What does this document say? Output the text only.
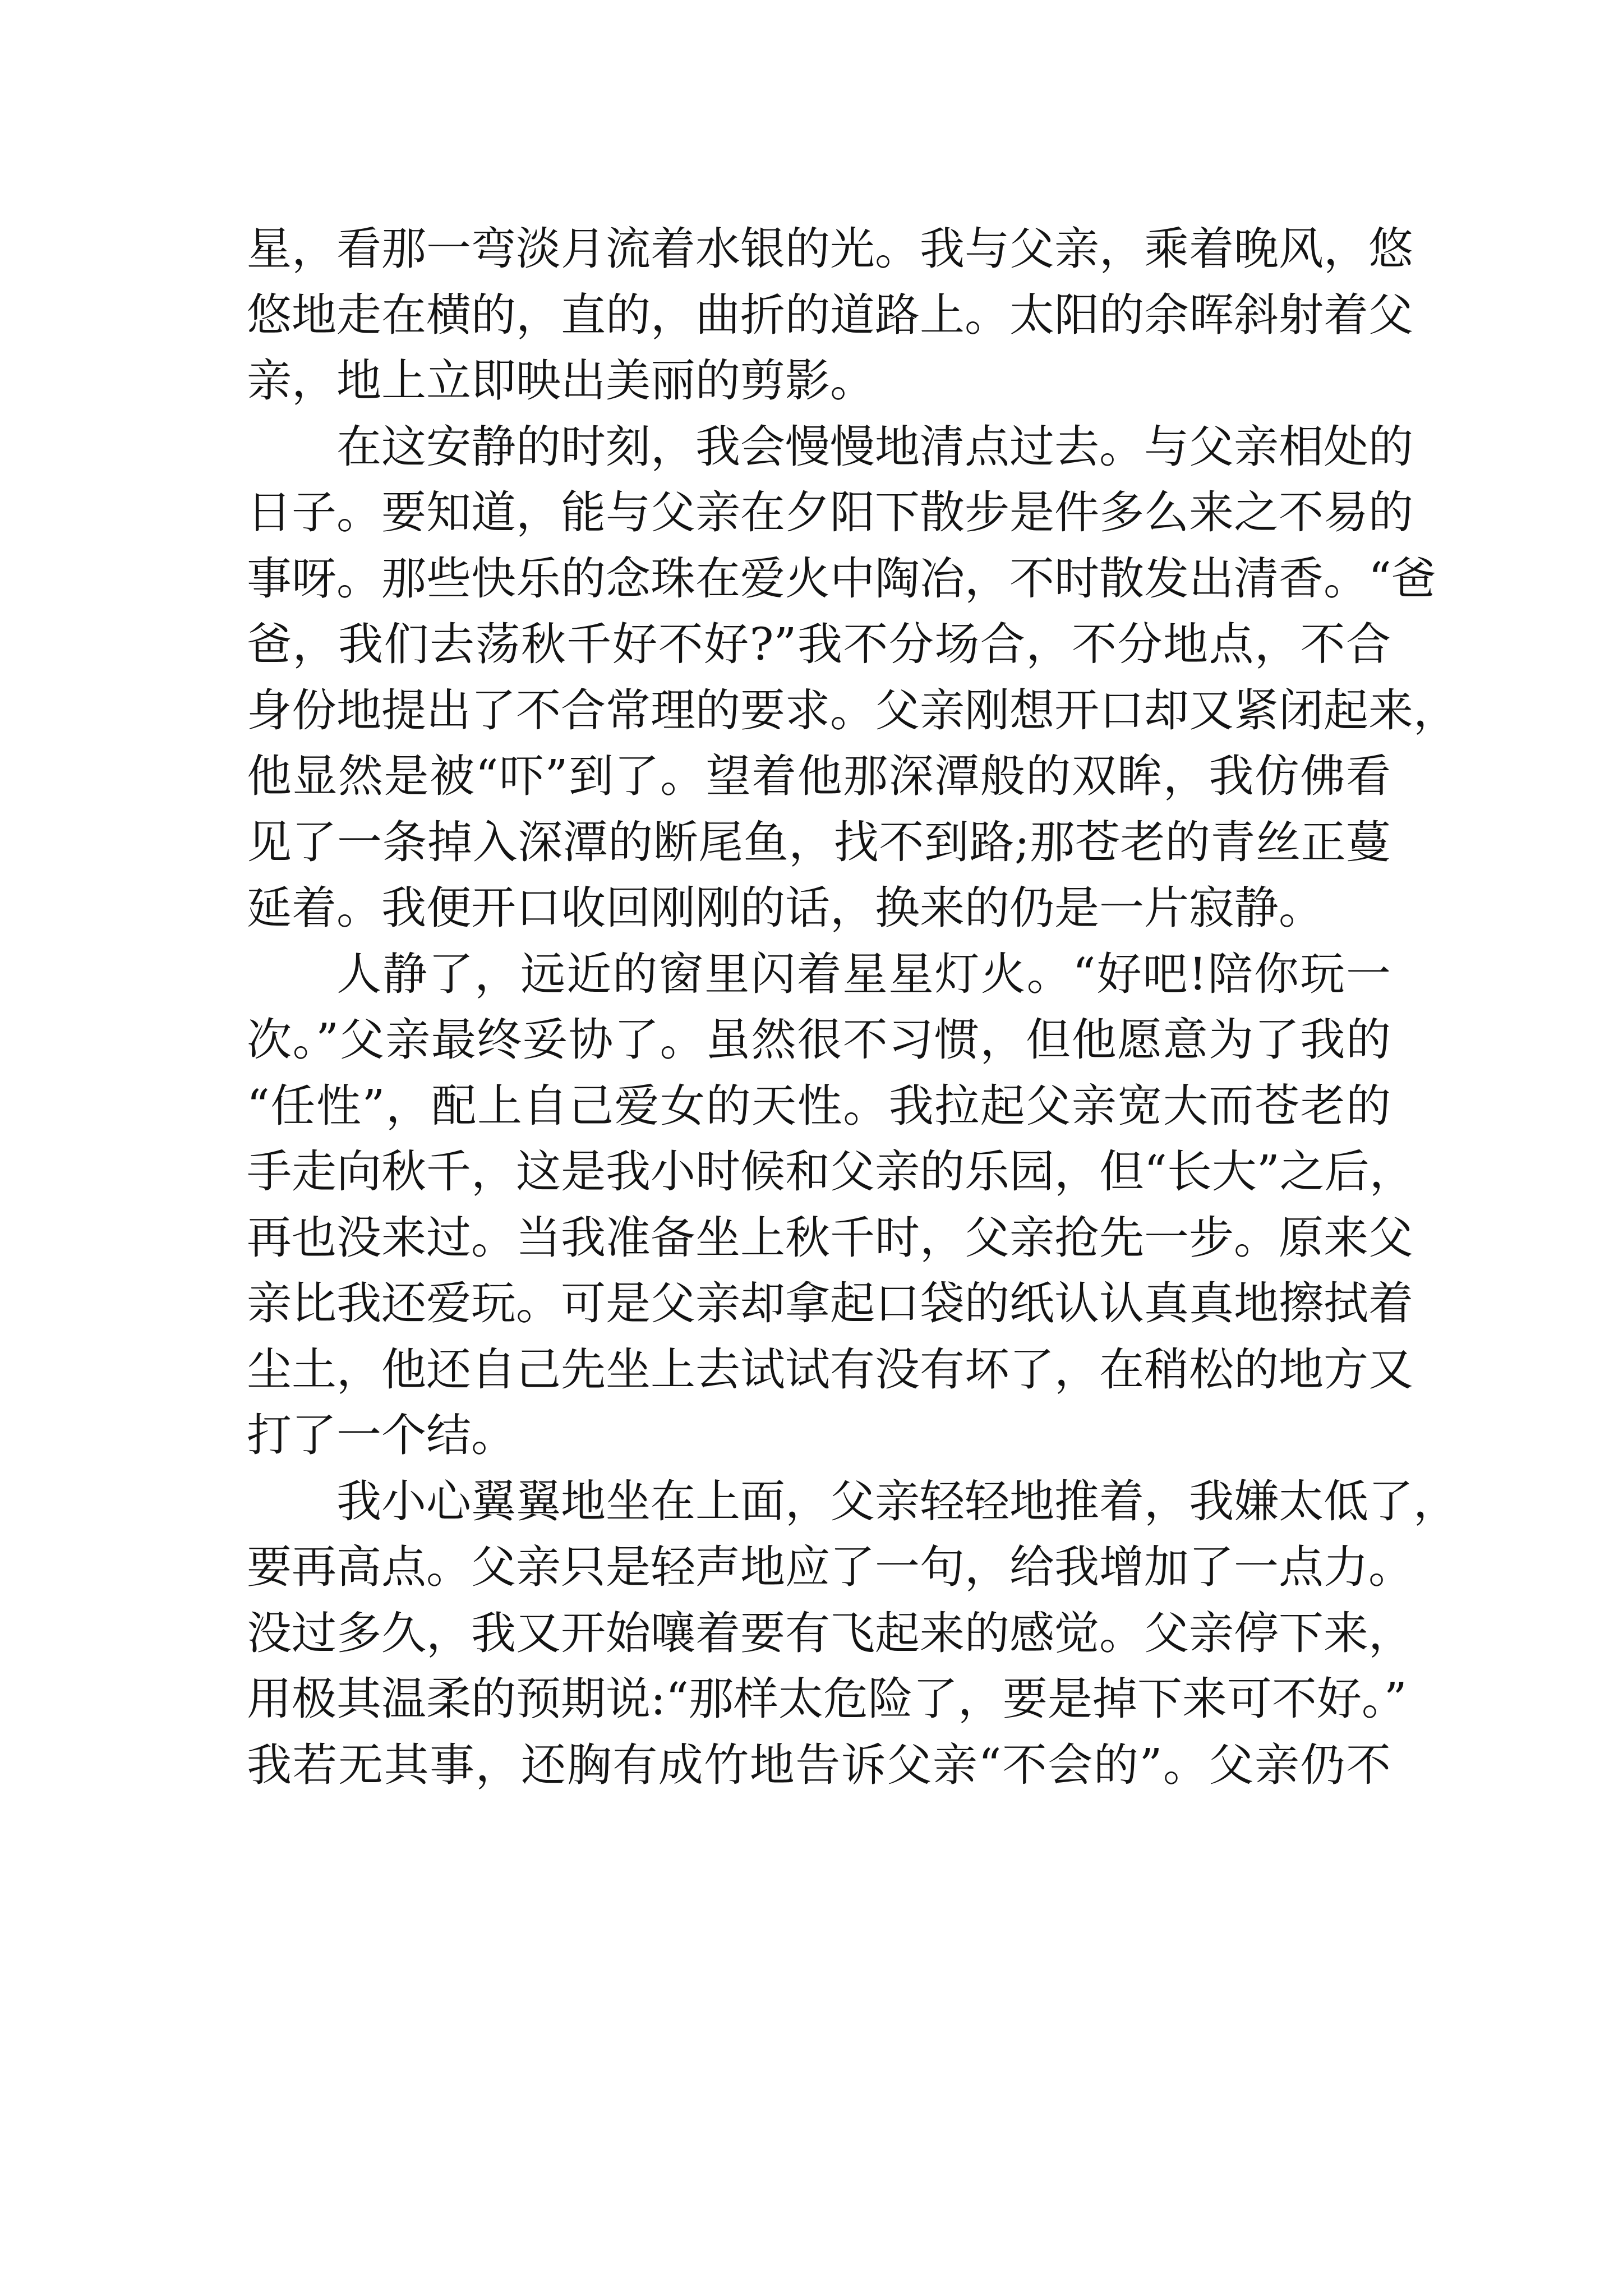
星，看那一弯淡月流着水银的光。我与父亲，乘着晚风，悠
悠地走在横的，直的，曲折的道路上。太阳的余晖斜射着父
亲，地上立即映出美丽的剪影。
在这安静的时刻，我会慢慢地清点过去。与父亲相处的
日子。要知道，能与父亲在夕阳下散步是件多么来之不易的
事呀。那些快乐的念珠在爱火中陶冶，不时散发出清香。“爸
爸，我们去荡秋千好不好?”我不分场合，不分地点，不合
身份地提出了不合常理的要求。父亲刚想开口却又紧闭起来，
他显然是被“吓”到了。望着他那深潭般的双眸，我仿佛看
见了一条掉入深潭的断尾鱼，找不到路;那苍老的青丝正蔓
延着。我便开口收回刚刚的话，换来的仍是一片寂静。
人静了，远近的窗里闪着星星灯火。“好吧!陪你玩一
次。”父亲最终妥协了。虽然很不习惯，但他愿意为了我的
“任性”，配上自己爱女的天性。我拉起父亲宽大而苍老的
手走向秋千，这是我小时候和父亲的乐园，但“长大”之后，
再也没来过。当我准备坐上秋千时，父亲抢先一步。原来父
亲比我还爱玩。可是父亲却拿起口袋的纸认认真真地擦拭着
尘土，他还自己先坐上去试试有没有坏了，在稍松的地方又
打了一个结。
我小心翼翼地坐在上面，父亲轻轻地推着，我嫌太低了，
要再高点。父亲只是轻声地应了一句，给我增加了一点力。
没过多久，我又开始嚷着要有飞起来的感觉。父亲停下来，
用极其温柔的预期说:“那样太危险了，要是掉下来可不好。”
我若无其事，还胸有成竹地告诉父亲“不会的”。父亲仍不
